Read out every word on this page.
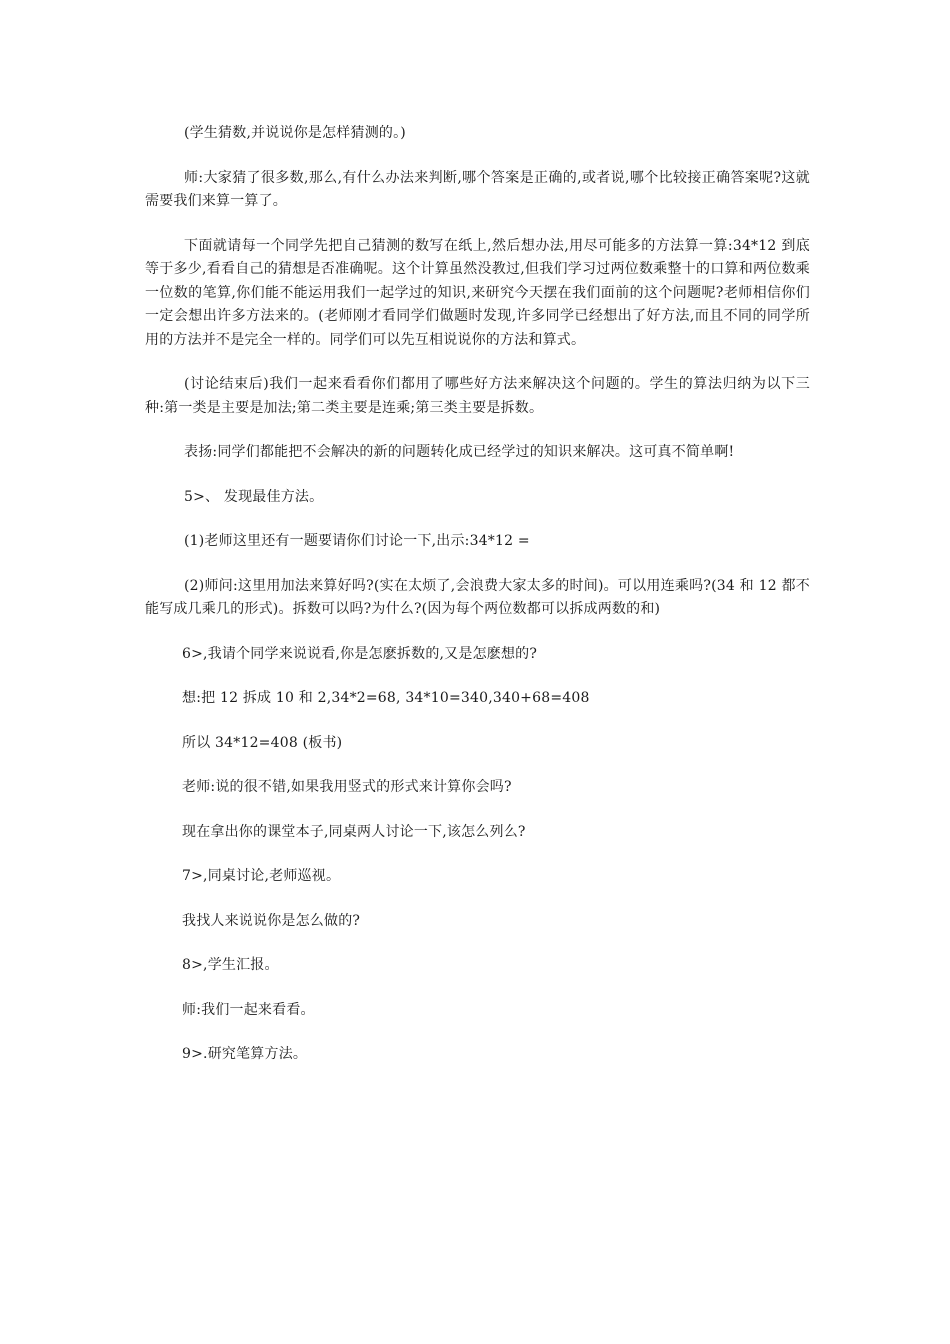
(学生猜数,并说说你是怎样猜测的。)

师:大家猜了很多数,那么,有什么办法来判断,哪个答案是正确的,或者说,哪个比较接正确答案呢?这就需要我们来算一算了。

下面就请每一个同学先把自己猜测的数写在纸上,然后想办法,用尽可能多的方法算一算:34*12 到底等于多少,看看自己的猜想是否准确呢。这个计算虽然没教过,但我们学习过两位数乘整十的口算和两位数乘一位数的笔算,你们能不能运用我们一起学过的知识,来研究今天摆在我们面前的这个问题呢?老师相信你们一定会想出许多方法来的。(老师刚才看同学们做题时发现,许多同学已经想出了好方法,而且不同的同学所用的方法并不是完全一样的。同学们可以先互相说说你的方法和算式。

(讨论结束后)我们一起来看看你们都用了哪些好方法来解决这个问题的。学生的算法归纳为以下三种:第一类是主要是加法;第二类主要是连乘;第三类主要是拆数。

表扬:同学们都能把不会解决的新的问题转化成已经学过的知识来解决。这可真不简单啊!

5>、 发现最佳方法。

(1)老师这里还有一题要请你们讨论一下,出示:34*12 =

(2)师问:这里用加法来算好吗?(实在太烦了,会浪费大家太多的时间)。可以用连乘吗?(34 和 12 都不能写成几乘几的形式)。拆数可以吗?为什么?(因为每个两位数都可以拆成两数的和)

6>,我请个同学来说说看,你是怎麽拆数的,又是怎麽想的?

想:把 12 拆成 10 和 2,34*2=68, 34*10=340,340+68=408

所以 34*12=408 (板书)

老师:说的很不错,如果我用竖式的形式来计算你会吗?

现在拿出你的课堂本子,同桌两人讨论一下,该怎么列么?

7>,同桌讨论,老师巡视。

我找人来说说你是怎么做的?

8>,学生汇报。

师:我们一起来看看。

9>.研究笔算方法。
